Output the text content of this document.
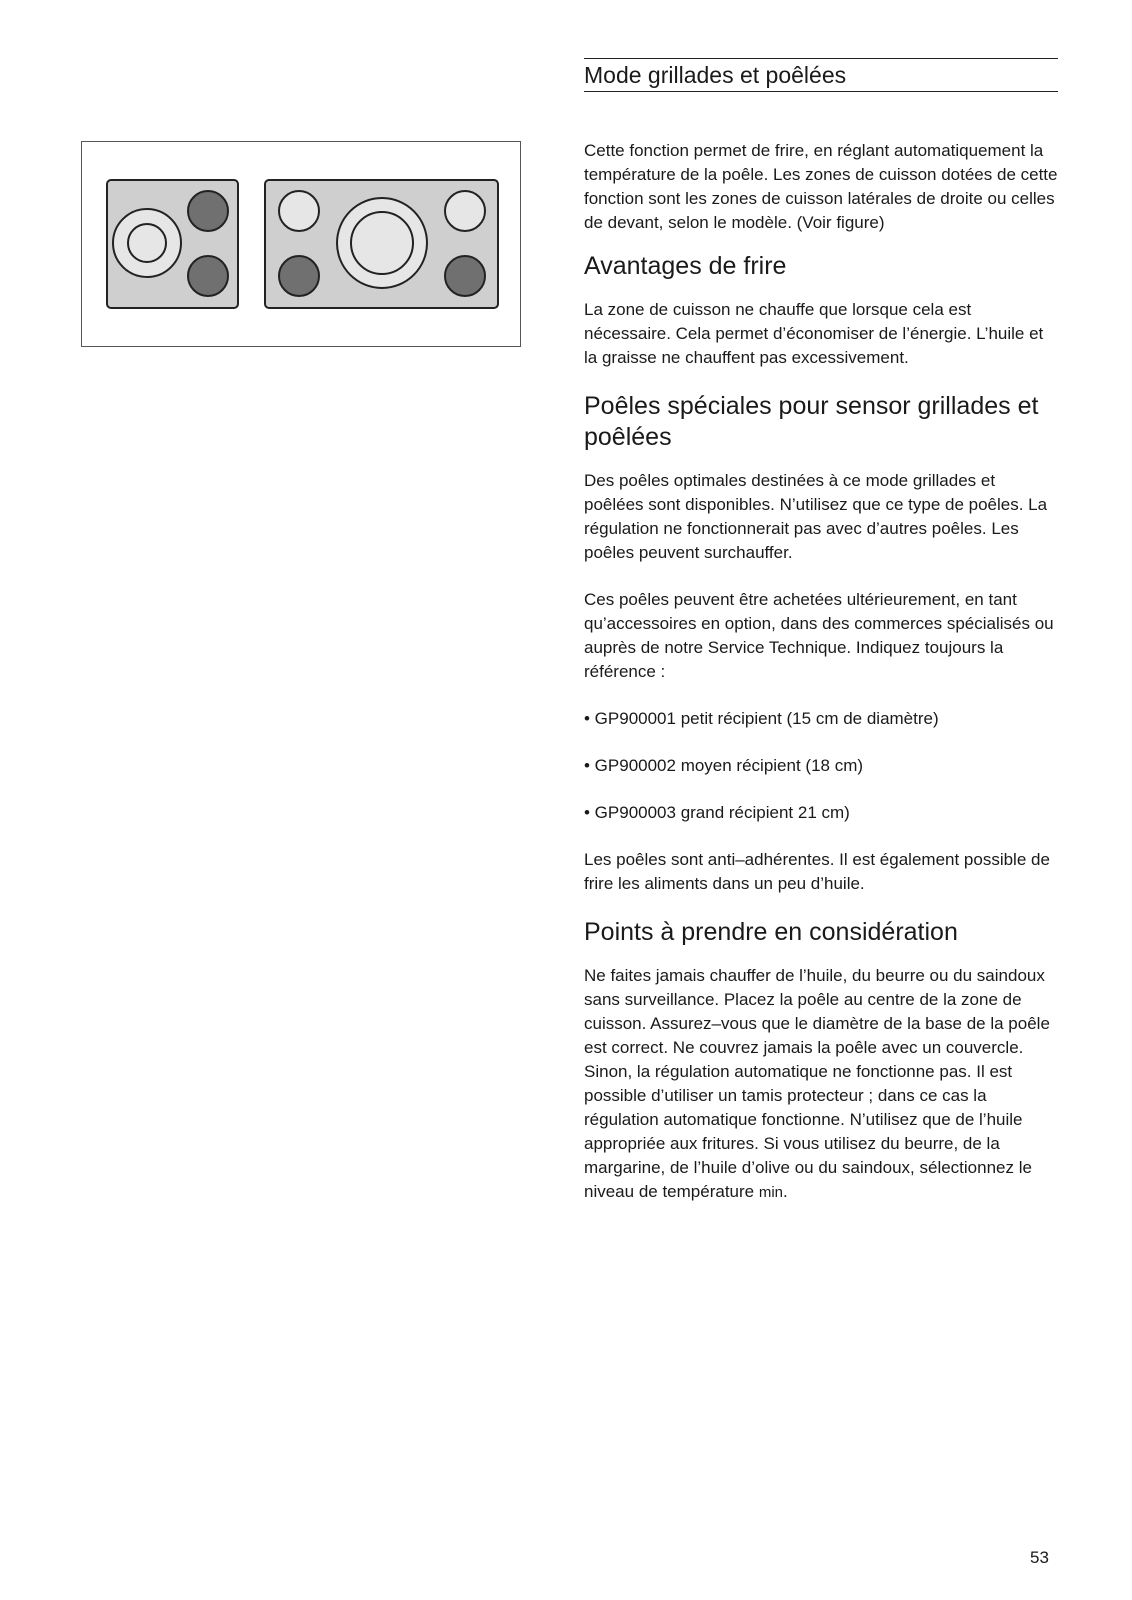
Mode grillades et poêlées

Cette fonction permet de frire, en réglant automatiquement la température de la poêle. Les zones de cuisson dotées de cette fonction sont les zones de cuisson latérales de droite ou celles de devant, selon le modèle. (Voir figure)

Avantages de frire

La zone de cuisson ne chauffe que lorsque cela est nécessaire. Cela permet d’économiser de l’énergie. L’huile et la graisse ne chauffent pas excessivement.

Poêles spéciales pour sensor grillades et poêlées

Des poêles optimales destinées à ce mode grillades et poêlées sont disponibles. N’utilisez que ce type de poêles. La régulation ne fonctionnerait pas avec d’autres poêles. Les poêles peuvent surchauffer.

Ces poêles peuvent être achetées ultérieurement, en tant qu’accessoires en option, dans des commerces spécialisés ou auprès de notre Service Technique. Indiquez toujours la référence :

• GP900001 petit récipient (15 cm de diamètre)

• GP900002 moyen récipient (18 cm)

• GP900003 grand récipient 21 cm)

Les poêles sont anti–adhérentes. Il est également possible de frire les aliments dans un peu d’huile.

Points à prendre en considération

Ne faites jamais chauffer de l’huile, du beurre ou du saindoux sans surveillance. Placez la poêle au centre de la zone de cuisson. Assurez–vous que le diamètre de la base de la poêle est correct. Ne couvrez jamais la poêle avec un couvercle. Sinon, la régulation automatique ne fonctionne pas. Il est possible d’utiliser un tamis protecteur ; dans ce cas la régulation automatique fonctionne. N’utilisez que de l’huile appropriée aux fritures. Si vous utilisez du beurre, de la margarine, de l’huile d’olive ou du saindoux, sélectionnez le niveau de température min.

53
